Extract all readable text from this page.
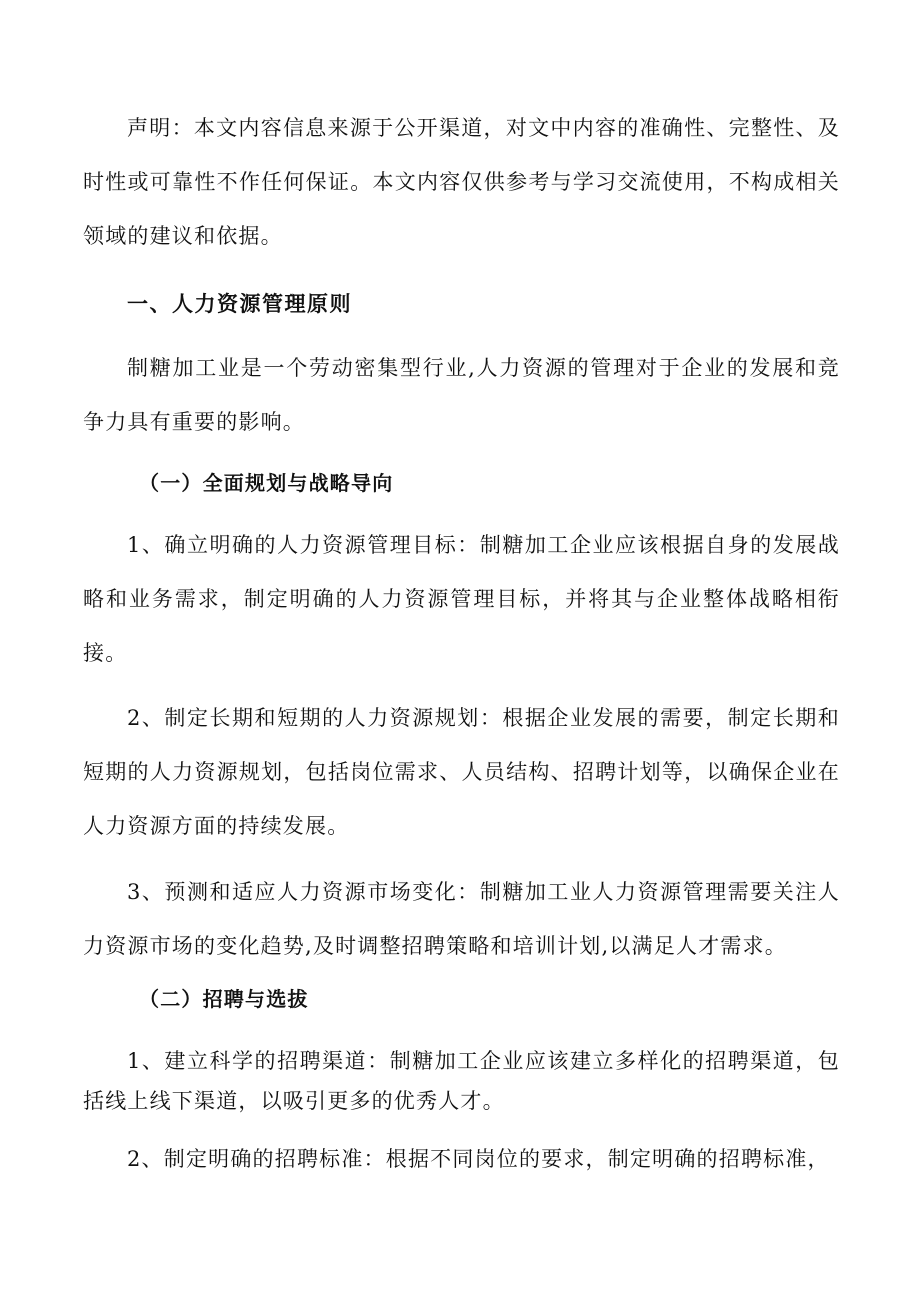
声明：本文内容信息来源于公开渠道，对文中内容的准确性、完整性、及时性或可靠性不作任何保证。本文内容仅供参考与学习交流使用，不构成相关领域的建议和依据。

一、人力资源管理原则

制糖加工业是一个劳动密集型行业,人力资源的管理对于企业的发展和竞争力具有重要的影响。

（一）全面规划与战略导向

1、确立明确的人力资源管理目标：制糖加工企业应该根据自身的发展战略和业务需求，制定明确的人力资源管理目标，并将其与企业整体战略相衔接。

2、制定长期和短期的人力资源规划：根据企业发展的需要，制定长期和短期的人力资源规划，包括岗位需求、人员结构、招聘计划等，以确保企业在人力资源方面的持续发展。

3、预测和适应人力资源市场变化：制糖加工业人力资源管理需要关注人力资源市场的变化趋势,及时调整招聘策略和培训计划,以满足人才需求。

（二）招聘与选拔

1、建立科学的招聘渠道：制糖加工企业应该建立多样化的招聘渠道，包括线上线下渠道，以吸引更多的优秀人才。

2、制定明确的招聘标准：根据不同岗位的要求，制定明确的招聘标准，
